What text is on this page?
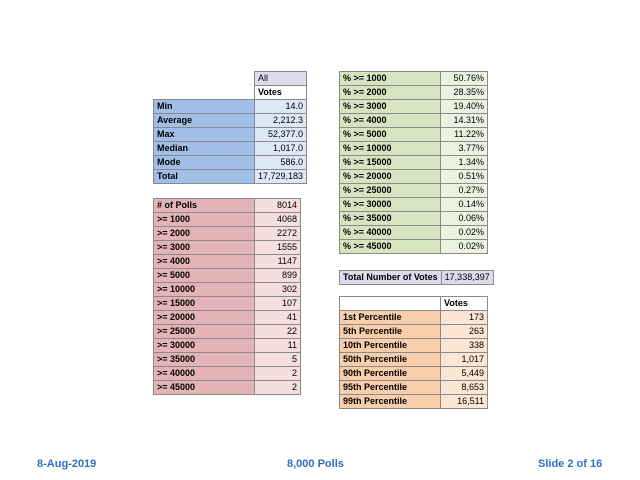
	All
	Votes
Min	14.0
Average	2,212.3
Max	52,377.0
Median	1,017.0
Mode	586.0
Total	17,729,183
# of Polls	8014
>= 1000	4068
>= 2000	2272
>= 3000	1555
>= 4000	1147
>= 5000	899
>= 10000	302
>= 15000	107
>= 20000	41
>= 25000	22
>= 30000	11
>= 35000	5
>= 40000	2
>= 45000	2
% >= 1000	50.76%
% >= 2000	28.35%
% >= 3000	19.40%
% >= 4000	14.31%
% >= 5000	11.22%
% >= 10000	3.77%
% >= 15000	1.34%
% >= 20000	0.51%
% >= 25000	0.27%
% >= 30000	0.14%
% >= 35000	0.06%
% >= 40000	0.02%
% >= 45000	0.02%
Total Number of Votes	17,338,397
	Votes
1st Percentile	173
5th Percentile	263
10th Percentile	338
50th Percentile	1,017
90th Percentile	5,449
95th Percentile	8,653
99th Percentile	16,511
8-Aug-2019	8,000 Polls	Slide 2 of 16
